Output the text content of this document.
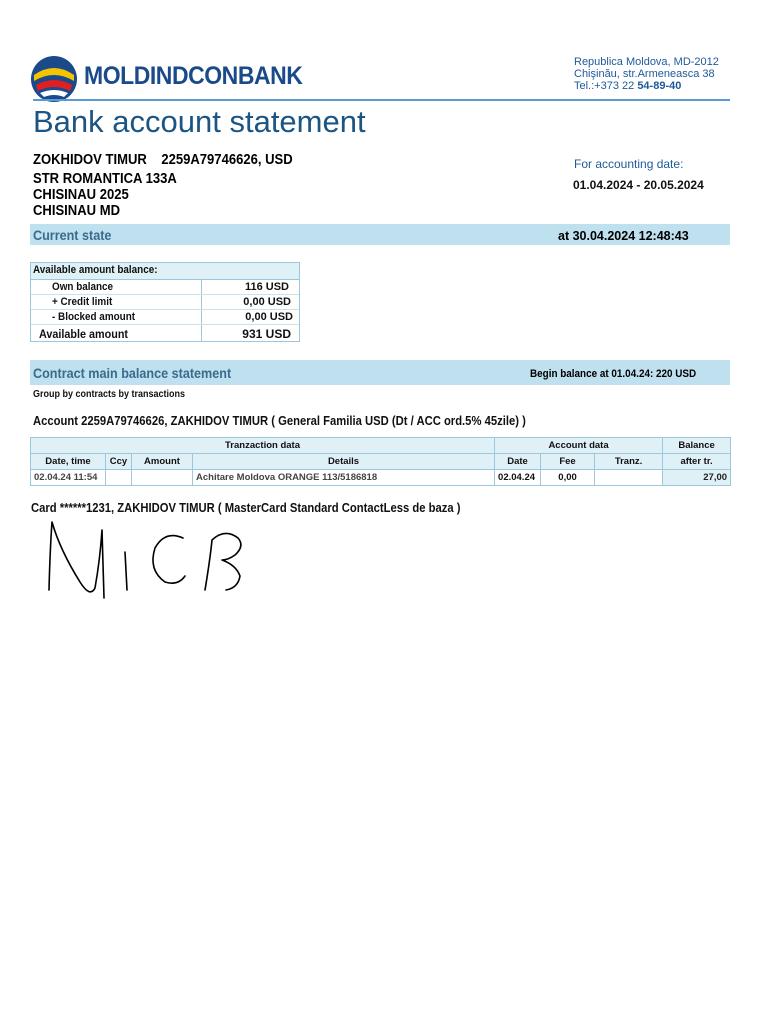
MOLDINDCONBANK	Republica Moldova, MD-2012
Chişinău, str.Armeneasca 38
Tel.:+373 22 54-89-40
Bank account statement
ZOKHIDOV TIMUR 2259A79746626, USD
STR ROMANTICA 133A
CHISINAU 2025
CHISINAU MD
For accounting date:
01.04.2024 - 20.05.2024
Current state	at 30.04.2024 12:48:43
Available amount balance:
Own balance	116 USD
+ Credit limit	0,00 USD
- Blocked amount	0,00 USD
Available amount	931 USD
Contract main balance statement	Begin balance at 01.04.24: 220 USD
Group by contracts by transactions
Account 2259A79746626, ZAKHIDOV TIMUR ( General Familia USD (Dt / ACC ord.5% 45zile) )
Tranzaction data				Account data			Balance
Date, time	Ccy	Amount	Details	Date	Fee	Tranz.	after tr.
02.04.24 11:54			Achitare Moldova ORANGE 113/5186818	02.04.24	0,00		27,00
Card ******1231, ZAKHIDOV TIMUR ( MasterCard Standard ContactLess de baza )
